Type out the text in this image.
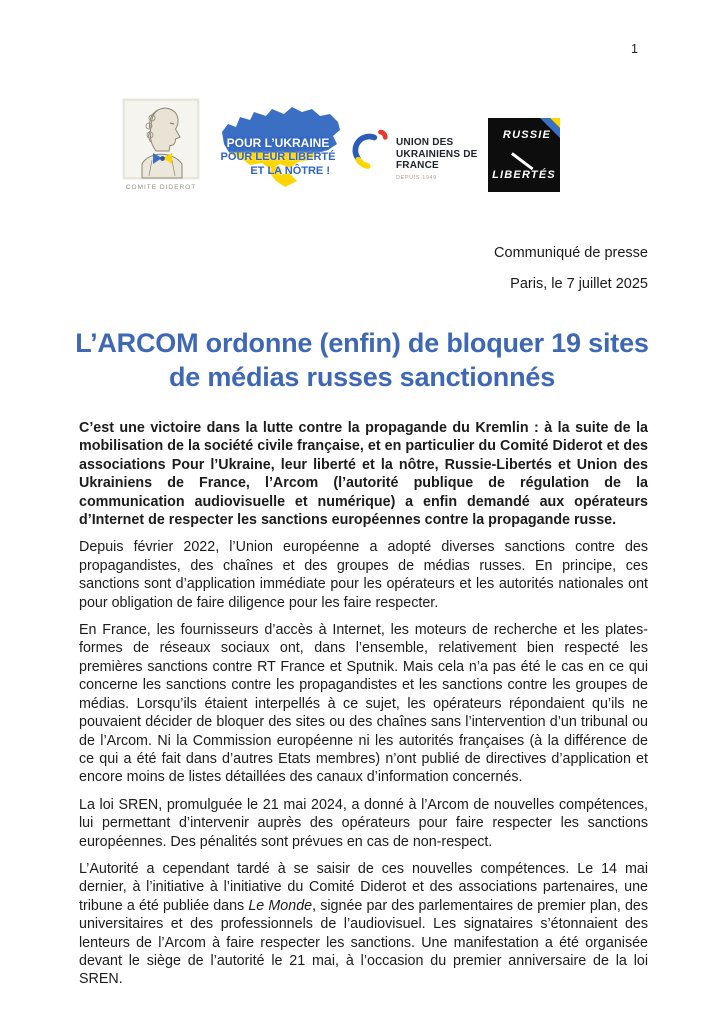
1
COMITE DIDEROT
POUR L’UKRAINE
POUR LEUR LIBERTÉ
ET LA NÔTRE !
UNION DES
UKRAINIENS DE
FRANCE
DEPUIS 1949
RUSSIE
LIBERTÉS
Communiqué de presse
Paris, le 7 juillet 2025
L’ARCOM ordonne (enfin) de bloquer 19 sites de médias russes sanctionnés

C’est une victoire dans la lutte contre la propagande du Kremlin : à la suite de la mobilisation de la société civile française, et en particulier du Comité Diderot et des associations Pour l’Ukraine, leur liberté et la nôtre, Russie-Libertés et Union des Ukrainiens de France, l’Arcom (l’autorité publique de régulation de la communication audiovisuelle et numérique) a enfin demandé aux opérateurs d’Internet de respecter les sanctions européennes contre la propagande russe.

Depuis février 2022, l’Union européenne a adopté diverses sanctions contre des propagandistes, des chaînes et des groupes de médias russes. En principe, ces sanctions sont d’application immédiate pour les opérateurs et les autorités nationales ont pour obligation de faire diligence pour les faire respecter.

En France, les fournisseurs d’accès à Internet, les moteurs de recherche et les plates-formes de réseaux sociaux ont, dans l’ensemble, relativement bien respecté les premières sanctions contre RT France et Sputnik. Mais cela n’a pas été le cas en ce qui concerne les sanctions contre les propagandistes et les sanctions contre les groupes de médias. Lorsqu’ils étaient interpellés à ce sujet, les opérateurs répondaient qu’ils ne pouvaient décider de bloquer des sites ou des chaînes sans l’intervention d’un tribunal ou de l’Arcom. Ni la Commission européenne ni les autorités françaises (à la différence de ce qui a été fait dans d’autres Etats membres) n’ont publié de directives d’application et encore moins de listes détaillées des canaux d’information concernés.

La loi SREN, promulguée le 21 mai 2024, a donné à l’Arcom de nouvelles compétences, lui permettant d’intervenir auprès des opérateurs pour faire respecter les sanctions européennes. Des pénalités sont prévues en cas de non-respect.

L’Autorité a cependant tardé à se saisir de ces nouvelles compétences. Le 14 mai dernier, à l’initiative à l’initiative du Comité Diderot et des associations partenaires, une tribune a été publiée dans Le Monde, signée par des parlementaires de premier plan, des universitaires et des professionnels de l’audiovisuel. Les signataires s’étonnaient des lenteurs de l’Arcom à faire respecter les sanctions. Une manifestation a été organisée devant le siège de l’autorité le 21 mai, à l’occasion du premier anniversaire de la loi SREN.
